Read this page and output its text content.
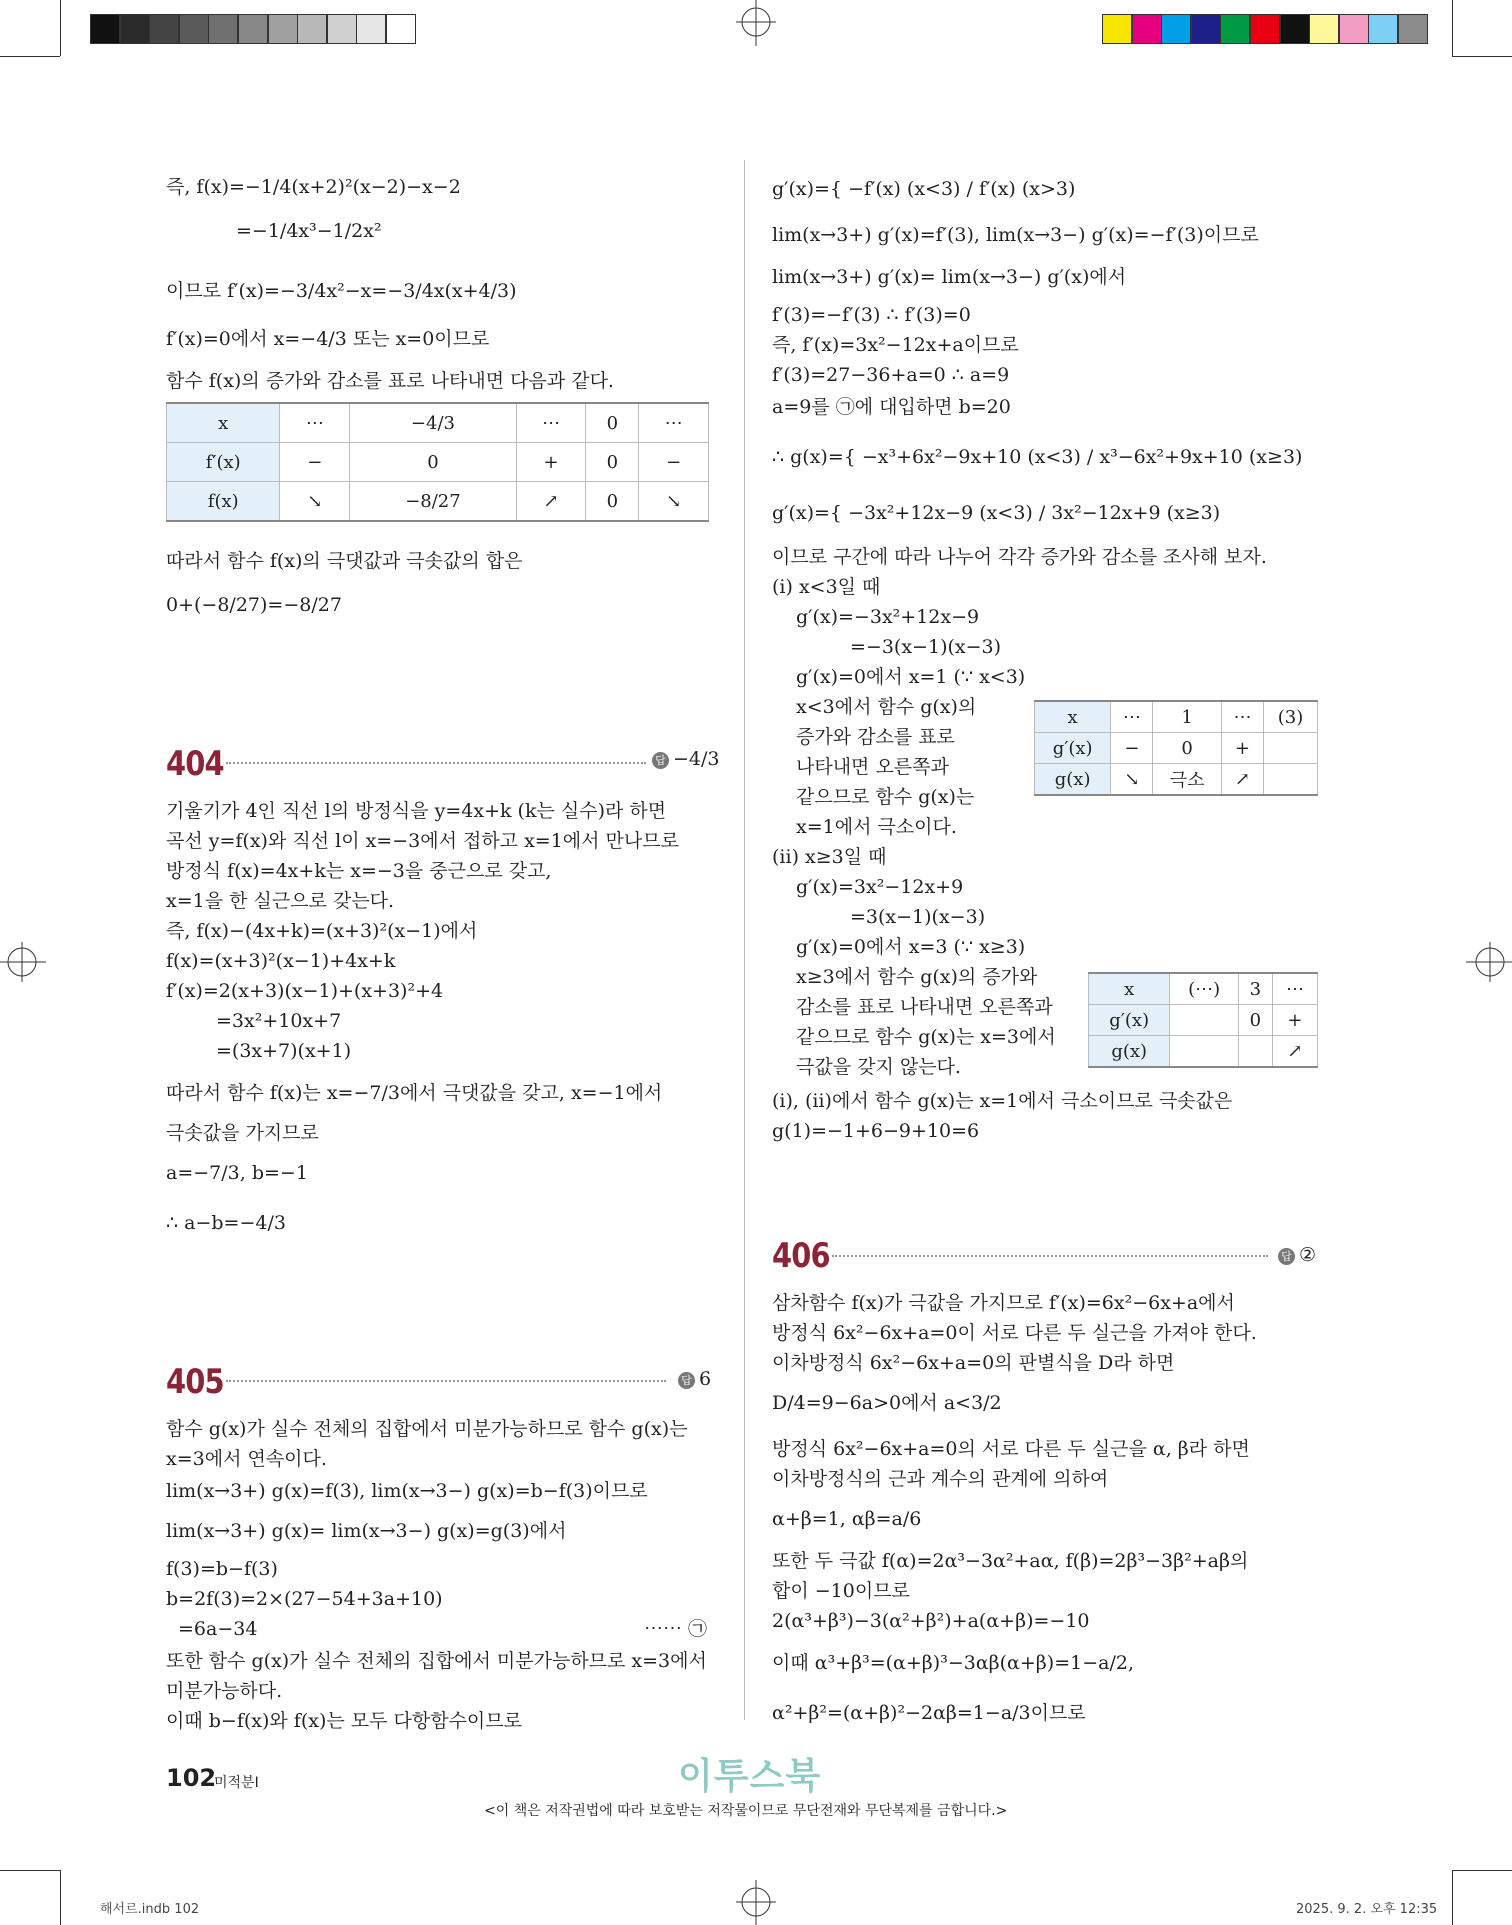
즉, f(x)=−1/4(x+2)²(x−2)−x−2
=−1/4x³−1/2x²
이므로 f′(x)=−3/4x²−x=−3/4x(x+4/3)
f′(x)=0에서 x=−4/3 또는 x=0이므로
함수 f(x)의 증가와 감소를 표로 나타내면 다음과 같다.
x	⋯	−4/3	⋯	0	⋯
f′(x)	−	0	+	0	−
f(x)	↘	−8/27	↗	0	↘
따라서 함수 f(x)의 극댓값과 극솟값의 합은
0+(−8/27)=−8/27
404	답 −4/3
기울기가 4인 직선 l의 방정식을 y=4x+k (k는 실수)라 하면
곡선 y=f(x)와 직선 l이 x=−3에서 접하고 x=1에서 만나므로
방정식 f(x)=4x+k는 x=−3을 중근으로 갖고,
x=1을 한 실근으로 갖는다.
즉, f(x)−(4x+k)=(x+3)²(x−1)에서
f(x)=(x+3)²(x−1)+4x+k
f′(x)=2(x+3)(x−1)+(x+3)²+4
=3x²+10x+7
=(3x+7)(x+1)
따라서 함수 f(x)는 x=−7/3에서 극댓값을 갖고, x=−1에서
극솟값을 가지므로
a=−7/3, b=−1
∴ a−b=−4/3
405	답 6
함수 g(x)가 실수 전체의 집합에서 미분가능하므로 함수 g(x)는
x=3에서 연속이다.
lim(x→3+) g(x)=f(3), lim(x→3−) g(x)=b−f(3)이므로
lim(x→3+) g(x)= lim(x→3−) g(x)=g(3)에서
f(3)=b−f(3)
b=2f(3)=2×(27−54+3a+10)
=6a−34
또한 함수 g(x)가 실수 전체의 집합에서 미분가능하므로 x=3에서
미분가능하다.
이때 b−f(x)와 f(x)는 모두 다항함수이므로
⋯⋯ ㉠
g′(x)={ −f′(x) (x<3) / f′(x) (x>3)
lim(x→3+) g′(x)=f′(3), lim(x→3−) g′(x)=−f′(3)이므로
lim(x→3+) g′(x)= lim(x→3−) g′(x)에서
f′(3)=−f′(3) ∴ f′(3)=0
즉, f′(x)=3x²−12x+a이므로
f′(3)=27−36+a=0 ∴ a=9
a=9를 ㉠에 대입하면 b=20
∴ g(x)={ −x³+6x²−9x+10 (x<3) / x³−6x²+9x+10 (x≥3)
g′(x)={ −3x²+12x−9 (x<3) / 3x²−12x+9 (x≥3)
이므로 구간에 따라 나누어 각각 증가와 감소를 조사해 보자.
(i) x<3일 때
g′(x)=−3x²+12x−9
=−3(x−1)(x−3)
g′(x)=0에서 x=1 (∵ x<3)
x<3에서 함수 g(x)의
증가와 감소를 표로
나타내면 오른쪽과
같으므로 함수 g(x)는
x=1에서 극소이다.
(ii) x≥3일 때
g′(x)=3x²−12x+9
=3(x−1)(x−3)
g′(x)=0에서 x=3 (∵ x≥3)
x≥3에서 함수 g(x)의 증가와
감소를 표로 나타내면 오른쪽과
같으므로 함수 g(x)는 x=3에서
극값을 갖지 않는다.
(i), (ii)에서 함수 g(x)는 x=1에서 극소이므로 극솟값은
g(1)=−1+6−9+10=6
x	⋯	1	⋯	(3)
g′(x)	−	0	+	
g(x)	↘	극소	↗	
x	(⋯)	3	⋯
g′(x)		0	+
g(x)			↗
406	답 ②
삼차함수 f(x)가 극값을 가지므로 f′(x)=6x²−6x+a에서
방정식 6x²−6x+a=0이 서로 다른 두 실근을 가져야 한다.
이차방정식 6x²−6x+a=0의 판별식을 D라 하면
D/4=9−6a>0에서 a<3/2
방정식 6x²−6x+a=0의 서로 다른 두 실근을 α, β라 하면
이차방정식의 근과 계수의 관계에 의하여
α+β=1, αβ=a/6
또한 두 극값 f(α)=2α³−3α²+aα, f(β)=2β³−3β²+aβ의
합이 −10이므로
2(α³+β³)−3(α²+β²)+a(α+β)=−10
이때 α³+β³=(α+β)³−3αβ(α+β)=1−a/2,
α²+β²=(α+β)²−2αβ=1−a/3이므로
102
미적분Ⅰ	이투스북
<이 책은 저작권법에 따라 보호받는 저작물이므로 무단전재와 무단복제를 금합니다.>
해서르.indb 102	2025. 9. 2. 오후 12:35
